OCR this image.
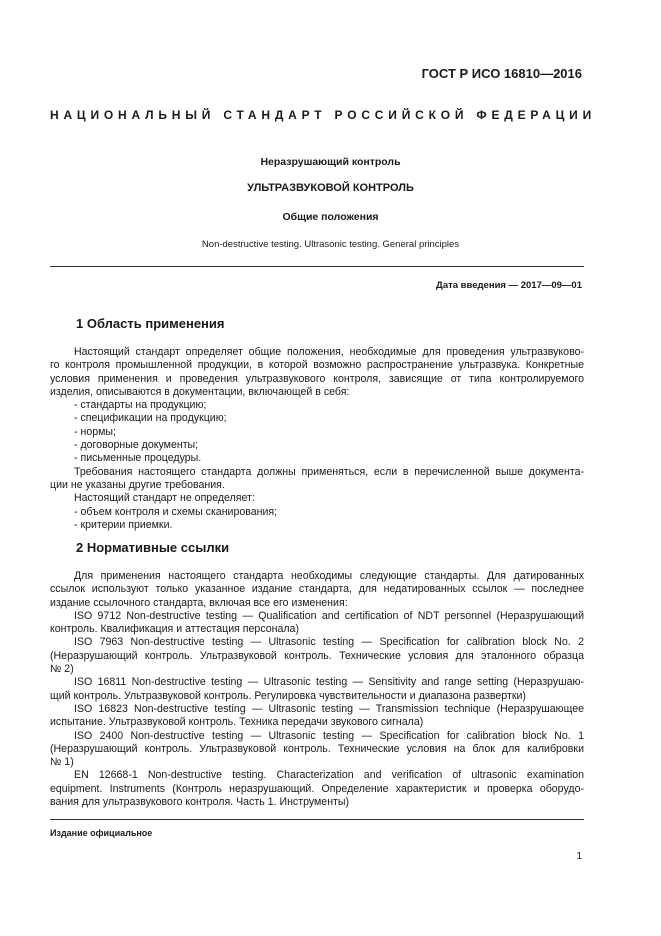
ГОСТ Р ИСО 16810—2016
НАЦИОНАЛЬНЫЙ СТАНДАРТ РОССИЙСКОЙ ФЕДЕРАЦИИ
Неразрушающий контроль
УЛЬТРАЗВУКОВОЙ КОНТРОЛЬ
Общие положения
Non-destructive testing. Ultrasonic testing. General principles
Дата введения — 2017—09—01
1 Область применения
Настоящий стандарт определяет общие положения, необходимые для проведения ультразвуково-
го контроля промышленной продукции, в которой возможно распространение ультразвука. Конкретные
условия применения и проведения ультразвукового контроля, зависящие от типа контролируемого
изделия, описываются в документации, включающей в себя:
- стандарты на продукцию;
- спецификации на продукцию;
- нормы;
- договорные документы;
- письменные процедуры.
Требования настоящего стандарта должны применяться, если в перечисленной выше документа-
ции не указаны другие требования.
Настоящий стандарт не определяет:
- объем контроля и схемы сканирования;
- критерии приемки.
2 Нормативные ссылки
Для применения настоящего стандарта необходимы следующие стандарты. Для датированных
ссылок используют только указанное издание стандарта, для недатированных ссылок — последнее
издание ссылочного стандарта, включая все его изменения:
ISO 9712 Non-destructive testing — Qualification and certification of NDT personnel (Неразрушающий
контроль. Квалификация и аттестация персонала)
ISO 7963 Non-destructive testing — Ultrasonic testing — Specification for calibration block No. 2
(Неразрушающий контроль. Ультразвуковой контроль. Технические условия для эталонного образца
№ 2)
ISO 16811 Non-destructive testing — Ultrasonic testing — Sensitivity and range setting (Неразрушаю-
щий контроль. Ультразвуковой контроль. Регулировка чувствительности и диапазона развертки)
ISO 16823 Non-destructive testing — Ultrasonic testing — Transmission technique (Неразрушающее
испытание. Ультразвуковой контроль. Техника передачи звукового сигнала)
ISO 2400 Non-destructive testing — Ultrasonic testing — Specification for calibration block No. 1
(Неразрушающий контроль. Ультразвуковой контроль. Технические условия на блок для калибровки
№ 1)
EN 12668-1 Non-destructive testing. Characterization and verification of ultrasonic examination
equipment. Instruments (Контроль неразрушающий. Определение характеристик и проверка оборудо-
вания для ультразвукового контроля. Часть 1. Инструменты)
Издание официальное
1
